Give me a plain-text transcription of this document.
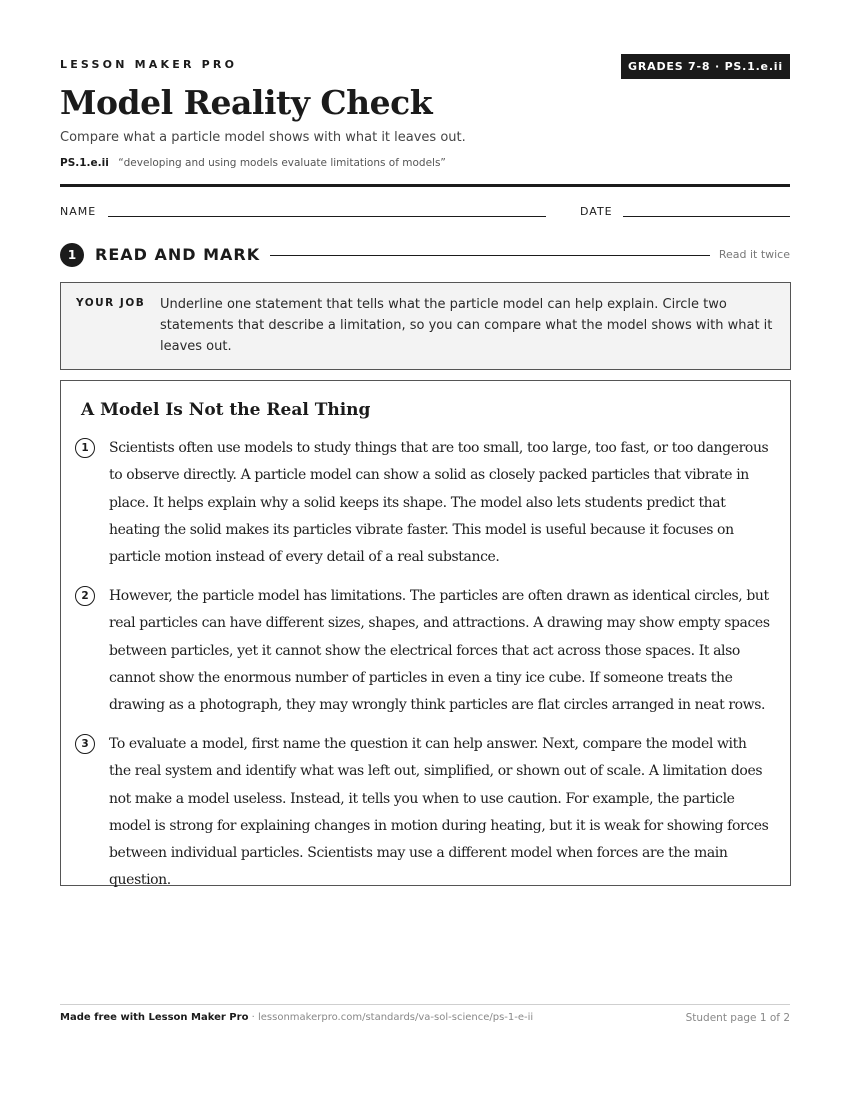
LESSON MAKER PRO	GRADES 7-8 · PS.1.e.ii
Model Reality Check
Compare what a particle model shows with what it leaves out.
PS.1.e.ii “developing and using models evaluate limitations of models”
NAME	DATE
1	READ AND MARK	Read it twice
YOUR JOB Underline one statement that tells what the particle model can help explain. Circle two statements that describe a limitation, so you can compare what the model shows with what it leaves out.
A Model Is Not the Real Thing
1	Scientists often use models to study things that are too small, too large, too fast, or too dangerous to observe directly. A particle model can show a solid as closely packed particles that vibrate in place. It helps explain why a solid keeps its shape. The model also lets students predict that heating the solid makes its particles vibrate faster. This model is useful because it focuses on particle motion instead of every detail of a real substance.
2	However, the particle model has limitations. The particles are often drawn as identical circles, but real particles can have different sizes, shapes, and attractions. A drawing may show empty spaces between particles, yet it cannot show the electrical forces that act across those spaces. It also cannot show the enormous number of particles in even a tiny ice cube. If someone treats the drawing as a photograph, they may wrongly think particles are flat circles arranged in neat rows.
3	To evaluate a model, first name the question it can help answer. Next, compare the model with the real system and identify what was left out, simplified, or shown out of scale. A limitation does not make a model useless. Instead, it tells you when to use caution. For example, the particle model is strong for explaining changes in motion during heating, but it is weak for showing forces between individual particles. Scientists may use a different model when forces are the main question.
Made free with Lesson Maker Pro · lessonmakerpro.com/standards/va-sol-science/ps-1-e-ii	Student page 1 of 2
